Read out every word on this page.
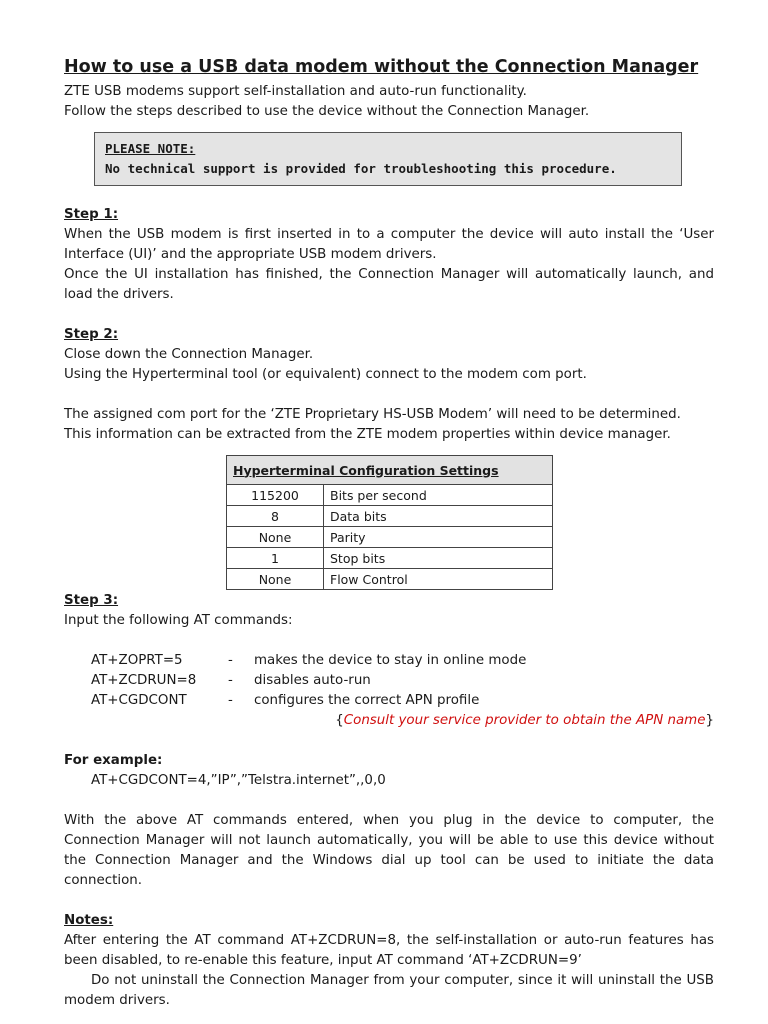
How to use a USB data modem without the Connection Manager

ZTE USB modems support self-installation and auto-run functionality.

Follow the steps described to use the device without the Connection Manager.

PLEASE NOTE:
No technical support is provided for troubleshooting this procedure.
Step 1:

When the USB modem is first inserted in to a computer the device will auto install the ‘User Interface (UI)’ and the appropriate USB modem drivers.

Once the UI installation has finished, the Connection Manager will automatically launch, and load the drivers.

Step 2:

Close down the Connection Manager.

Using the Hyperterminal tool (or equivalent) connect to the modem com port.

The assigned com port for the ‘ZTE Proprietary HS-USB Modem’ will need to be determined.

This information can be extracted from the ZTE modem properties within device manager.

Hyperterminal Configuration Settings	
115200	Bits per second
8	Data bits
None	Parity
1	Stop bits
None	Flow Control
Step 3:

Input the following AT commands:

AT+ZOPRT=5	-	makes the device to stay in online mode
AT+ZCDRUN=8	-	disables auto-run
AT+CGDCONT	-	configures the correct APN profile
{Consult your service provider to obtain the APN name}
For example:

AT+CGDCONT=4,”IP”,”Telstra.internet”,,0,0

With the above AT commands entered, when you plug in the device to computer, the Connection Manager will not launch automatically, you will be able to use this device without the Connection Manager and the Windows dial up tool can be used to initiate the data connection.

Notes:

After entering the AT command AT+ZCDRUN=8, the self-installation or auto-run features has been disabled, to re-enable this feature, input AT command ‘AT+ZCDRUN=9’

Do not uninstall the Connection Manager from your computer, since it will uninstall the USB modem drivers.
